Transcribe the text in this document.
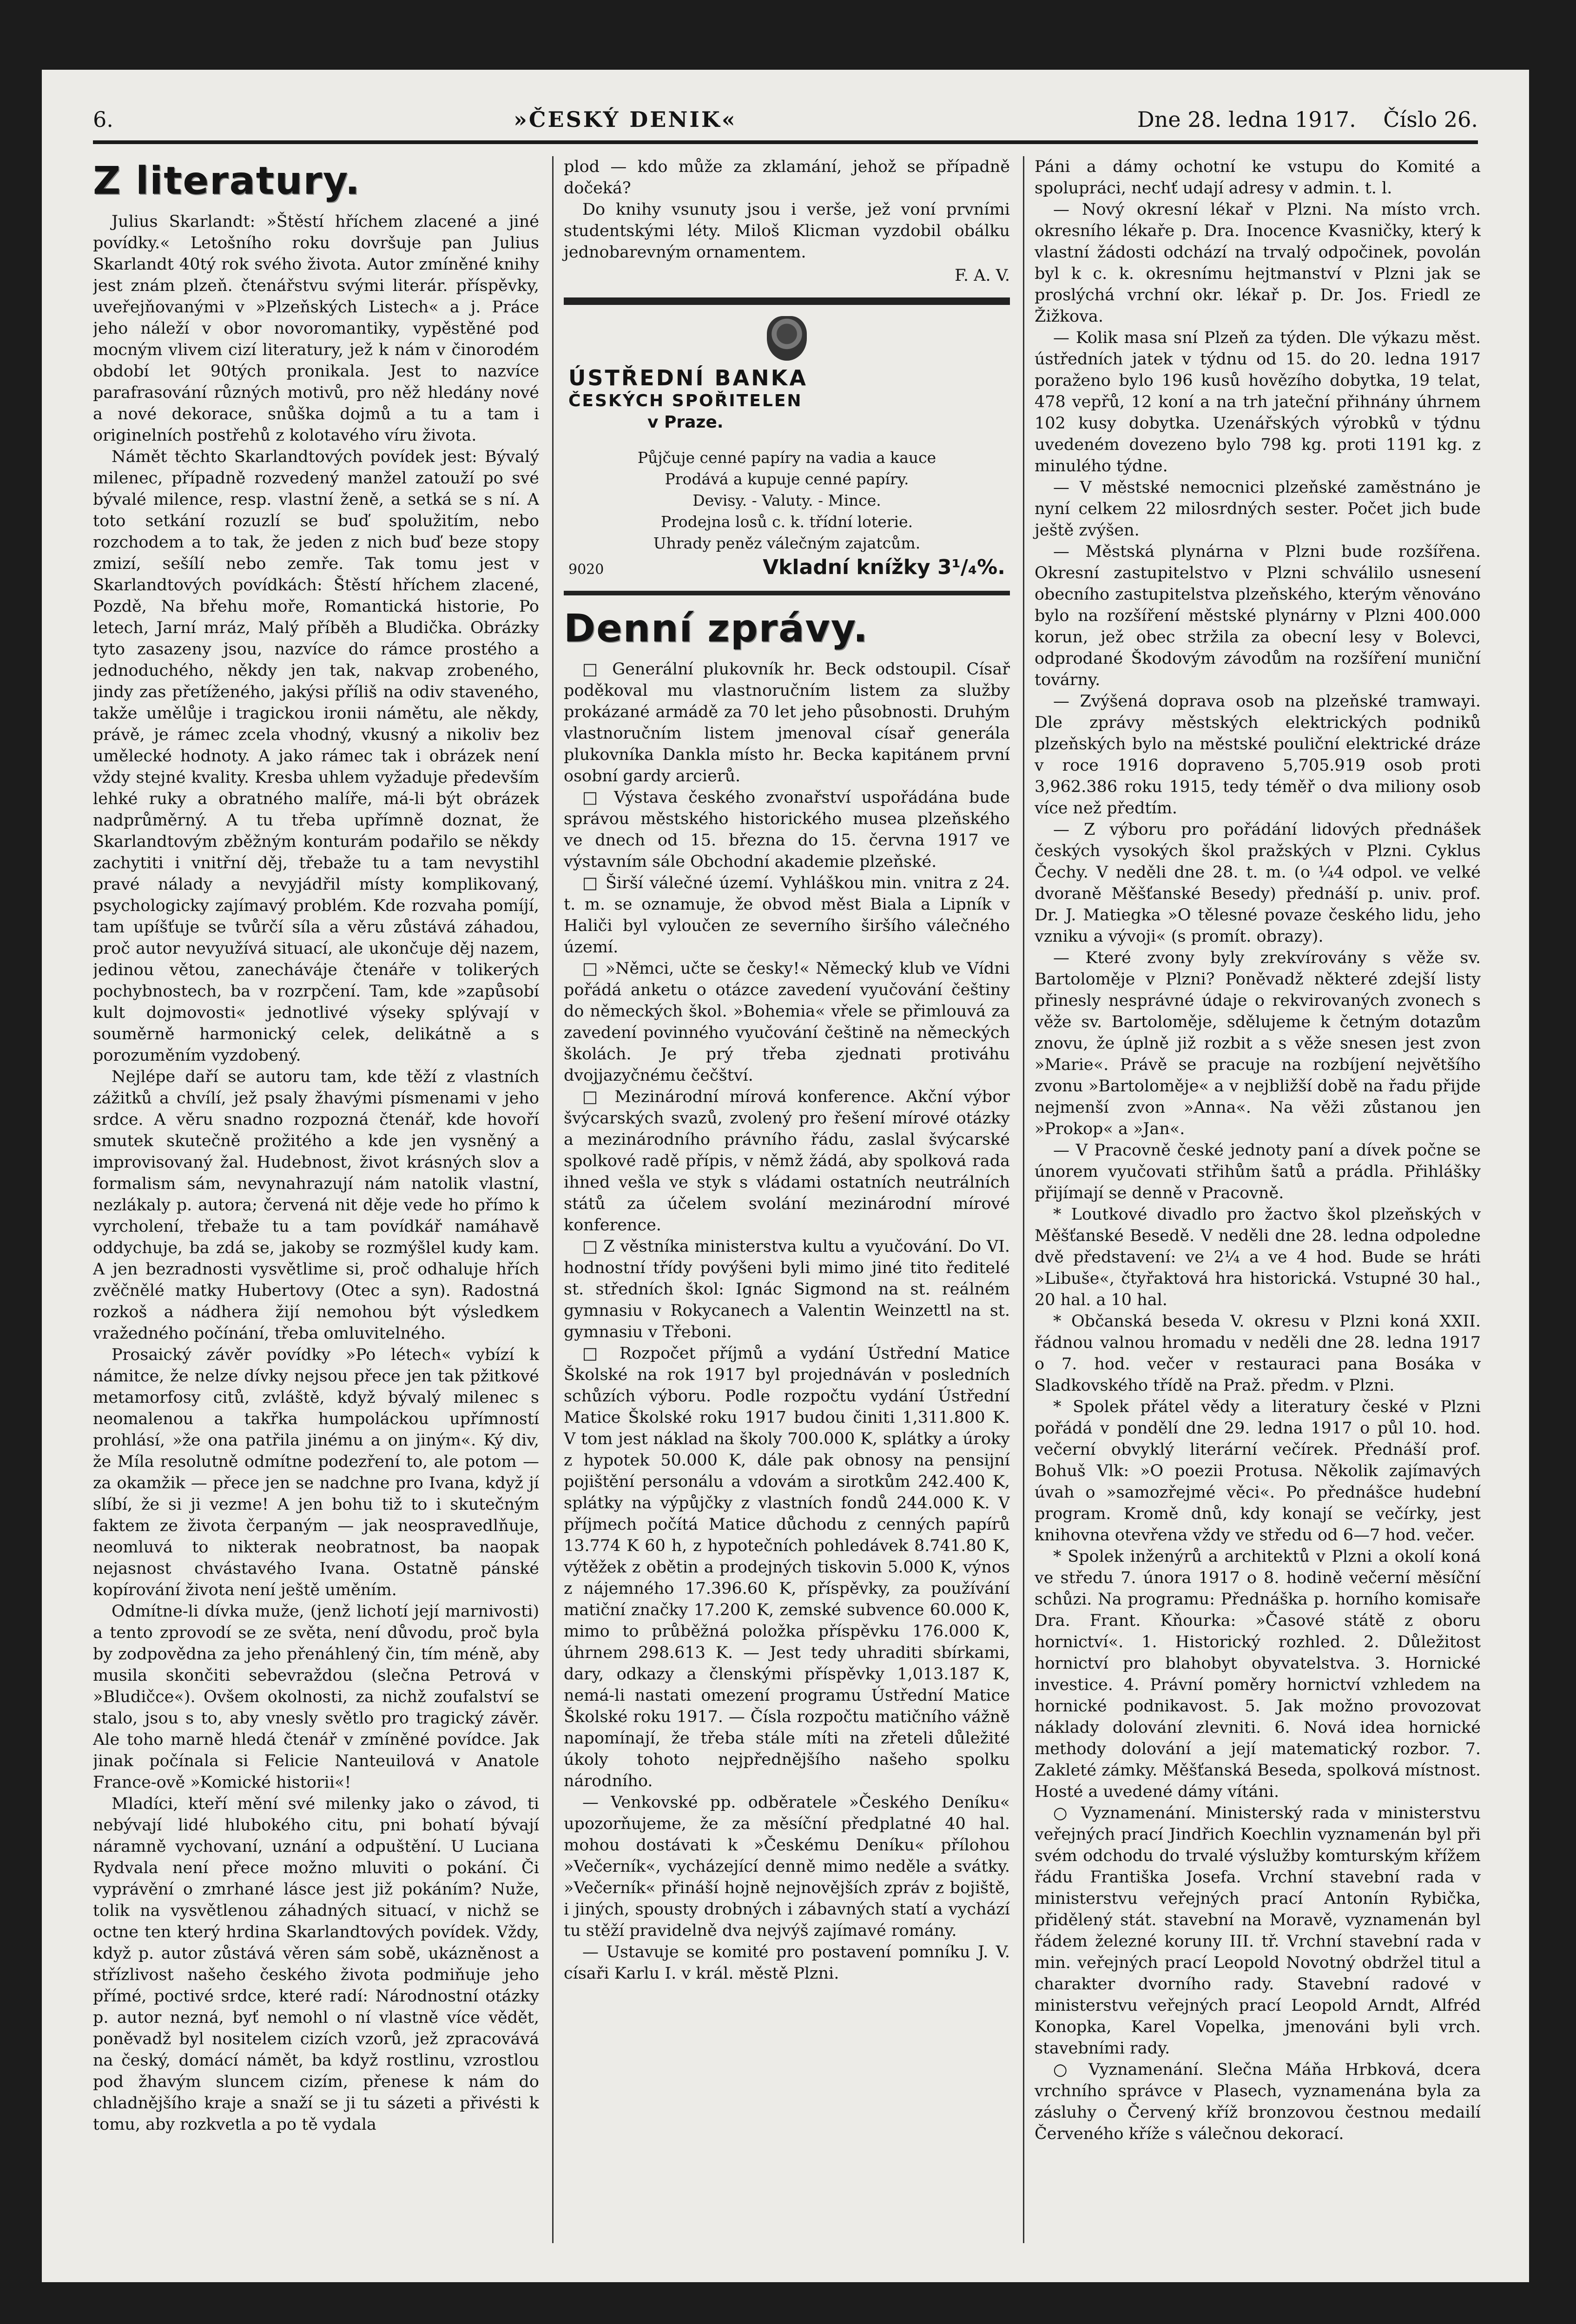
6.	»ČESKÝ DENIK«	Dne 28. ledna 1917. Číslo 26.
Z literatury.

Julius Skarlandt: »Štěstí hříchem zlacené a jiné povídky.« Letošního roku dovršuje pan Julius Skarlandt 40tý rok svého života. Autor zmíněné knihy jest znám plzeň. čtenářstvu svými literár. příspěvky, uveřejňovanými v »Plzeňských Listech« a j. Práce jeho náleží v obor novoromantiky, vypěstěné pod mocným vlivem cizí literatury, jež k nám v činorodém období let 90tých pronikala. Jest to nazvíce parafrasování různých motivů, pro něž hledány nové a nové dekorace, snůška dojmů a tu a tam i originelních postřehů z kolotavého víru života.

Námět těchto Skarlandtových povídek jest: Bývalý milenec, případně rozvedený manžel zatouží po své bývalé milence, resp. vlastní ženě, a setká se s ní. A toto setkání rozuzlí se buď spolužitím, nebo rozchodem a to tak, že jeden z nich buď beze stopy zmizí, sešílí nebo zemře. Tak tomu jest v Skarlandtových povídkách: Štěstí hříchem zlacené, Pozdě, Na břehu moře, Romantická historie, Po letech, Jarní mráz, Malý příběh a Bludička. Obrázky tyto zasazeny jsou, nazvíce do rámce prostého a jednoduchého, někdy jen tak, nakvap zrobeného, jindy zas přetíženého, jakýsi příliš na odiv staveného, takže umělůje i tragickou ironii námětu, ale někdy, právě, je rámec zcela vhodný, vkusný a nikoliv bez umělecké hodnoty. A jako rámec tak i obrázek není vždy stejné kvality. Kresba uhlem vyžaduje především lehké ruky a obratného malíře, má-li být obrázek nadprůměrný. A tu třeba upřímně doznat, že Skarlandtovým zběžným konturám podařilo se někdy zachytiti i vnitřní děj, třebaže tu a tam nevystihl pravé nálady a nevyjádřil místy komplikovaný, psychologicky zajímavý problém. Kde rozvaha pomíjí, tam upíšťuje se tvůrčí síla a věru zůstává záhadou, proč autor nevyužívá situací, ale ukončuje děj nazem, jedinou větou, zanecháváje čtenáře v tolikerých pochybnostech, ba v rozrpčení. Tam, kde »zapůsobí kult dojmovosti« jednotlivé výseky splývají v souměrně harmonický celek, delikátně a s porozuměním vyzdobený.

Nejlépe daří se autoru tam, kde těží z vlastních zážitků a chvílí, jež psaly žhavými písmenami v jeho srdce. A věru snadno rozpozná čtenář, kde hovoří smutek skutečně prožitého a kde jen vysněný a improvisovaný žal. Hudebnost, život krásných slov a formalism sám, nevynahrazují nám natolik vlastní, nezlákaly p. autora; červená nit děje vede ho přímo k vyrcholení, třebaže tu a tam povídkář namáhavě oddychuje, ba zdá se, jakoby se rozmýšlel kudy kam. A jen bezradnosti vysvětlime si, proč odhaluje hřích zvěčnělé matky Hubertovy (Otec a syn). Radostná rozkoš a nádhera žijí nemohou být výsledkem vražedného počínání, třeba omluvitelného.

Prosaický závěr povídky »Po létech« vybízí k námitce, že nelze dívky nejsou přece jen tak pžitkové metamorfosy citů, zvláště, když bývalý milenec s neomalenou a takřka humpoláckou upřímností prohlásí, »že ona patřila jinému a on jiným«. Ký div, že Míla resolutně odmítne podezření to, ale potom — za okamžik — přece jen se nadchne pro Ivana, když jí slíbí, že si ji vezme! A jen bohu tiž to i skutečným faktem ze života čerpaným — jak neospravedlňuje, neomluvá to nikterak neobratnost, ba naopak nejasnost chvástavého Ivana. Ostatně pánské kopírování života není ještě uměním.

Odmítne-li dívka muže, (jenž lichotí její marnivosti) a tento zprovodí se ze světa, není důvodu, proč byla by zodpovědna za jeho přenáhlený čin, tím méně, aby musila skončiti sebevraždou (slečna Petrová v »Bludičce«). Ovšem okolnosti, za nichž zoufalství se stalo, jsou s to, aby vnesly světlo pro tragický závěr. Ale toho marně hledá čtenář v zmíněné povídce. Jak jinak počínala si Felicie Nanteuilová v Anatole France-ově »Komické historii«!

Mladíci, kteří mění své milenky jako o závod, ti nebývají lidé hlubokého citu, pni bohatí bývají náramně vychovaní, uznání a odpuštění. U Luciana Rydvala není přece možno mluviti o pokání. Či vyprávění o zmrhané lásce jest již pokáním? Nuže, tolik na vysvětlenou záhadných situací, v nichž se octne ten který hrdina Skarlandtových povídek. Vždy, když p. autor zůstává věren sám sobě, ukázněnost a střízlivost našeho českého života podmiňuje jeho přímé, poctivé srdce, které radí: Národnostní otázky p. autor nezná, byť nemohl o ní vlastně více vědět, poněvadž byl nositelem cizích vzorů, jež zpracovává na český, domácí námět, ba když rostlinu, vzrostlou pod žhavým sluncem cizím, přenese k nám do chladnějšího kraje a snaží se ji tu sázeti a přivésti k tomu, aby rozkvetla a po tě vydala

plod — kdo může za zklamání, jehož se případně dočeká?

Do knihy vsunuty jsou i verše, jež voní prvními studentskými léty. Miloš Klicman vyzdobil obálku jednobarevným ornamentem.

F. A. V.
ÚSTŘEDNÍ BANKA
ČESKÝCH SPOŘITELEN
v Praze.
Půjčuje cenné papíry na vadia a kauce
Prodává a kupuje cenné papíry.
Devisy. - Valuty. - Mince.
Prodejna losů c. k. třídní loterie.
Uhrady peněz válečným zajatcům.
9020	Vkladní knížky 3¹/₄%.
Denní zprávy.

□ Generální plukovník hr. Beck odstoupil. Císař poděkoval mu vlastnoručním listem za služby prokázané armádě za 70 let jeho působnosti. Druhým vlastnoručním listem jmenoval císař generála plukovníka Dankla místo hr. Becka kapitánem první osobní gardy arcierů.

□ Výstava českého zvonařství uspořádána bude správou městského historického musea plzeňského ve dnech od 15. března do 15. června 1917 ve výstavním sále Obchodní akademie plzeňské.

□ Širší válečné území. Vyhláškou min. vnitra z 24. t. m. se oznamuje, že obvod měst Biala a Lipník v Haliči byl vyloučen ze severního širšího válečného území.

□ »Němci, učte se česky!« Německý klub ve Vídni pořádá anketu o otázce zavedení vyučování češtiny do německých škol. »Bohemia« vřele se přimlouvá za zavedení povinného vyučování češtině na německých školách. Je prý třeba zjednati protiváhu dvojjazyčnému čečštví.

□ Mezinárodní mírová konference. Akční výbor švýcarských svazů, zvolený pro řešení mírové otázky a mezinárodního právního řádu, zaslal švýcarské spolkové radě přípis, v němž žádá, aby spolková rada ihned vešla ve styk s vládami ostatních neutrálních států za účelem svolání mezinárodní mírové konference.

□ Z věstníka ministerstva kultu a vyučování. Do VI. hodnostní třídy povýšeni byli mimo jiné tito ředitelé st. středních škol: Ignác Sigmond na st. reálném gymnasiu v Rokycanech a Valentin Weinzettl na st. gymnasiu v Třeboni.

□ Rozpočet příjmů a vydání Ústřední Matice Školské na rok 1917 byl projednáván v posledních schůzích výboru. Podle rozpočtu vydání Ústřední Matice Školské roku 1917 budou činiti 1,311.800 K. V tom jest náklad na školy 700.000 K, splátky a úroky z hypotek 50.000 K, dále pak obnosy na pensijní pojištění personálu a vdovám a sirotkům 242.400 K, splátky na výpůjčky z vlastních fondů 244.000 K. V příjmech počítá Matice důchodu z cenných papírů 13.774 K 60 h, z hypotečních pohledávek 8.741.80 K, výtěžek z obětin a prodejných tiskovin 5.000 K, výnos z nájemného 17.396.60 K, příspěvky, za používání matiční značky 17.200 K, zemské subvence 60.000 K, mimo to průběžná položka příspěvku 176.000 K, úhrnem 298.613 K. — Jest tedy uhraditi sbírkami, dary, odkazy a členskými příspěvky 1,013.187 K, nemá-li nastati omezení programu Ústřední Matice Školské roku 1917. — Čísla rozpočtu matičního vážně napomínají, že třeba stále míti na zřeteli důležité úkoly tohoto nejpřednějšího našeho spolku národního.

— Venkovské pp. odběratele »Českého Deníku« upozorňujeme, že za měsíční předplatné 40 hal. mohou dostávati k »Českému Deníku« přílohou »Večerník«, vycházející denně mimo neděle a svátky. »Večerník« přináší hojně nejnovějších zpráv z bojiště, i jiných, spousty drobných i zábavných statí a vychází tu stěží pravidelně dva nejvýš zajímavé romány.

— Ustavuje se komité pro postavení pomníku J. V. císaři Karlu I. v král. městě Plzni.

Páni a dámy ochotní ke vstupu do Komité a spolupráci, nechť udají adresy v admin. t. l.

— Nový okresní lékař v Plzni. Na místo vrch. okresního lékaře p. Dra. Inocence Kvasničky, který k vlastní žádosti odchází na trvalý odpočinek, povolán byl k c. k. okresnímu hejtmanství v Plzni jak se proslýchá vrchní okr. lékař p. Dr. Jos. Friedl ze Žižkova.

— Kolik masa sní Plzeň za týden. Dle výkazu měst. ústředních jatek v týdnu od 15. do 20. ledna 1917 poraženo bylo 196 kusů hovězího dobytka, 19 telat, 478 vepřů, 12 koní a na trh jateční přihnány úhrnem 102 kusy dobytka. Uzenářských výrobků v týdnu uvedeném dovezeno bylo 798 kg. proti 1191 kg. z minulého týdne.

— V městské nemocnici plzeňské zaměstnáno je nyní celkem 22 milosrdných sester. Počet jich bude ještě zvýšen.

— Městská plynárna v Plzni bude rozšířena. Okresní zastupitelstvo v Plzni schválilo usnesení obecního zastupitelstva plzeňského, kterým věnováno bylo na rozšíření městské plynárny v Plzni 400.000 korun, jež obec stržila za obecní lesy v Bolevci, odprodané Škodovým závodům na rozšíření muniční továrny.

— Zvýšená doprava osob na plzeňské tramwayi. Dle zprávy městských elektrických podniků plzeňských bylo na městské pouliční elektrické dráze v roce 1916 dopraveno 5,705.919 osob proti 3,962.386 roku 1915, tedy téměř o dva miliony osob více než předtím.

— Z výboru pro pořádání lidových přednášek českých vysokých škol pražských v Plzni. Cyklus Čechy. V neděli dne 28. t. m. (o ¼4 odpol. ve velké dvoraně Měšťanské Besedy) přednáší p. univ. prof. Dr. J. Matiegka »O tělesné povaze českého lidu, jeho vzniku a vývoji« (s promít. obrazy).

— Které zvony byly zrekvírovány s věže sv. Bartoloměje v Plzni? Poněvadž některé zdejší listy přinesly nesprávné údaje o rekvirovaných zvonech s věže sv. Bartoloměje, sdělujeme k četným dotazům znovu, že úplně již rozbit a s věže snesen jest zvon »Marie«. Právě se pracuje na rozbíjení největšího zvonu »Bartoloměje« a v nejbližší době na řadu přijde nejmenší zvon »Anna«. Na věži zůstanou jen »Prokop« a »Jan«.

— V Pracovně české jednoty paní a dívek počne se únorem vyučovati střihům šatů a prádla. Přihlášky přijímají se denně v Pracovně.

* Loutkové divadlo pro žactvo škol plzeňských v Měšťanské Besedě. V neděli dne 28. ledna odpoledne dvě představení: ve 2¼ a ve 4 hod. Bude se hráti »Libuše«, čtyřaktová hra historická. Vstupné 30 hal., 20 hal. a 10 hal.

* Občanská beseda V. okresu v Plzni koná XXII. řádnou valnou hromadu v neděli dne 28. ledna 1917 o 7. hod. večer v restauraci pana Bosáka v Sladkovského třídě na Praž. předm. v Plzni.

* Spolek přátel vědy a literatury české v Plzni pořádá v pondělí dne 29. ledna 1917 o půl 10. hod. večerní obvyklý literární večírek. Přednáší prof. Bohuš Vlk: »O poezii Protusa. Několik zajímavých úvah o »samozřejmé věci«. Po přednášce hudební program. Kromě dnů, kdy konají se večírky, jest knihovna otevřena vždy ve středu od 6—7 hod. večer.

* Spolek inženýrů a architektů v Plzni a okolí koná ve středu 7. února 1917 o 8. hodině večerní měsíční schůzi. Na programu: Přednáška p. horního komisaře Dra. Frant. Kňourka: »Časové státě z oboru hornictví«. 1. Historický rozhled. 2. Důležitost hornictví pro blahobyt obyvatelstva. 3. Hornické investice. 4. Právní poměry hornictví vzhledem na hornické podnikavost. 5. Jak možno provozovat náklady dolování zlevniti. 6. Nová idea hornické methody dolování a její matematický rozbor. 7. Zakleté zámky. Měšťanská Beseda, spolková místnost. Hosté a uvedené dámy vítáni.

○ Vyznamenání. Ministerský rada v ministerstvu veřejných prací Jindřich Koechlin vyznamenán byl při svém odchodu do trvalé výslužby komturským křížem řádu Františka Josefa. Vrchní stavební rada v ministerstvu veřejných prací Antonín Rybička, přidělený stát. stavební na Moravě, vyznamenán byl řádem železné koruny III. tř. Vrchní stavební rada v min. veřejných prací Leopold Novotný obdržel titul a charakter dvorního rady. Stavební radové v ministerstvu veřejných prací Leopold Arndt, Alfréd Konopka, Karel Vopelka, jmenováni byli vrch. stavebními rady.

○ Vyznamenání. Slečna Máňa Hrbková, dcera vrchního správce v Plasech, vyznamenána byla za zásluhy o Červený kříž bronzovou čestnou medailí Červeného kříže s válečnou dekorací.
